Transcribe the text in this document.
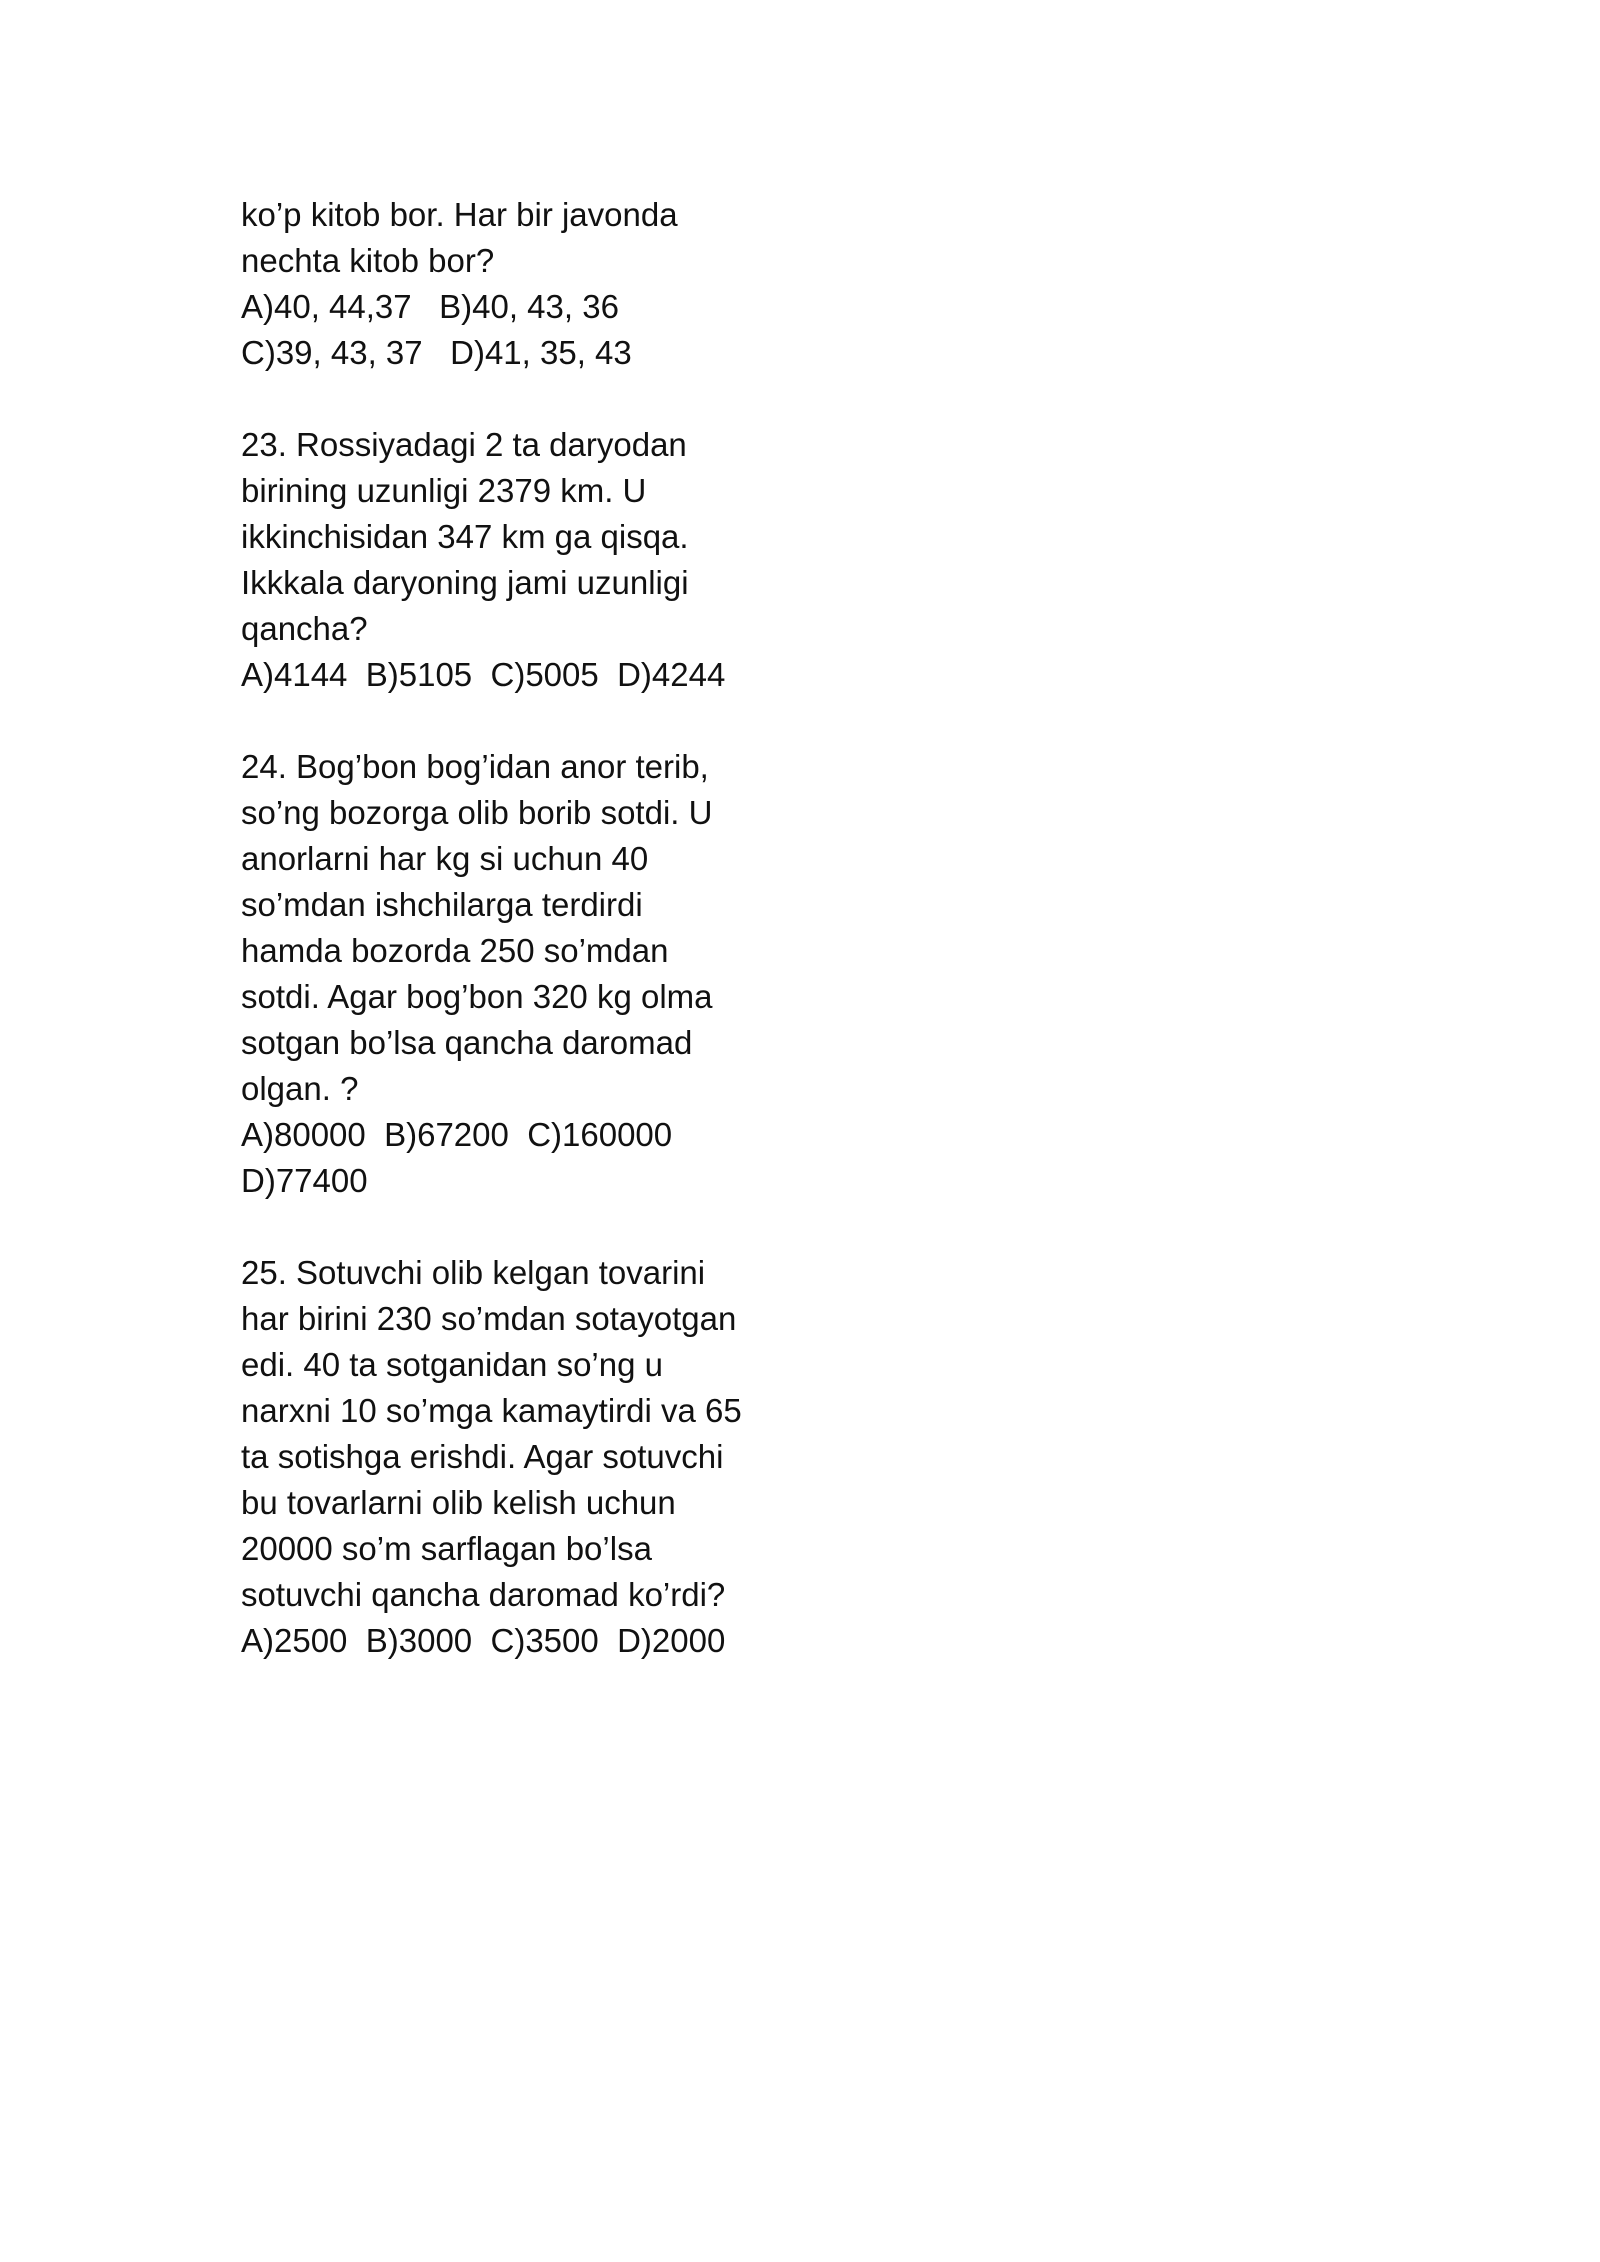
ko’p kitob bor. Har bir javonda
nechta kitob bor?
A)40, 44,37   B)40, 43, 36
C)39, 43, 37   D)41, 35, 43
23. Rossiyadagi 2 ta daryodan
birining uzunligi 2379 km. U
ikkinchisidan 347 km ga qisqa.
Ikkkala daryoning jami uzunligi
qancha?
A)4144  B)5105  C)5005  D)4244
24. Bog’bon bog’idan anor terib,
so’ng bozorga olib borib sotdi. U
anorlarni har kg si uchun 40
so’mdan ishchilarga terdirdi
hamda bozorda 250 so’mdan
sotdi. Agar bog’bon 320 kg olma
sotgan bo’lsa qancha daromad
olgan. ?
A)80000  B)67200  C)160000
D)77400
25. Sotuvchi olib kelgan tovarini
har birini 230 so’mdan sotayotgan
edi. 40 ta sotganidan so’ng u
narxni 10 so’mga kamaytirdi va 65
ta sotishga erishdi. Agar sotuvchi
bu tovarlarni olib kelish uchun
20000 so’m sarflagan bo’lsa
sotuvchi qancha daromad ko’rdi?
A)2500  B)3000  C)3500  D)2000
